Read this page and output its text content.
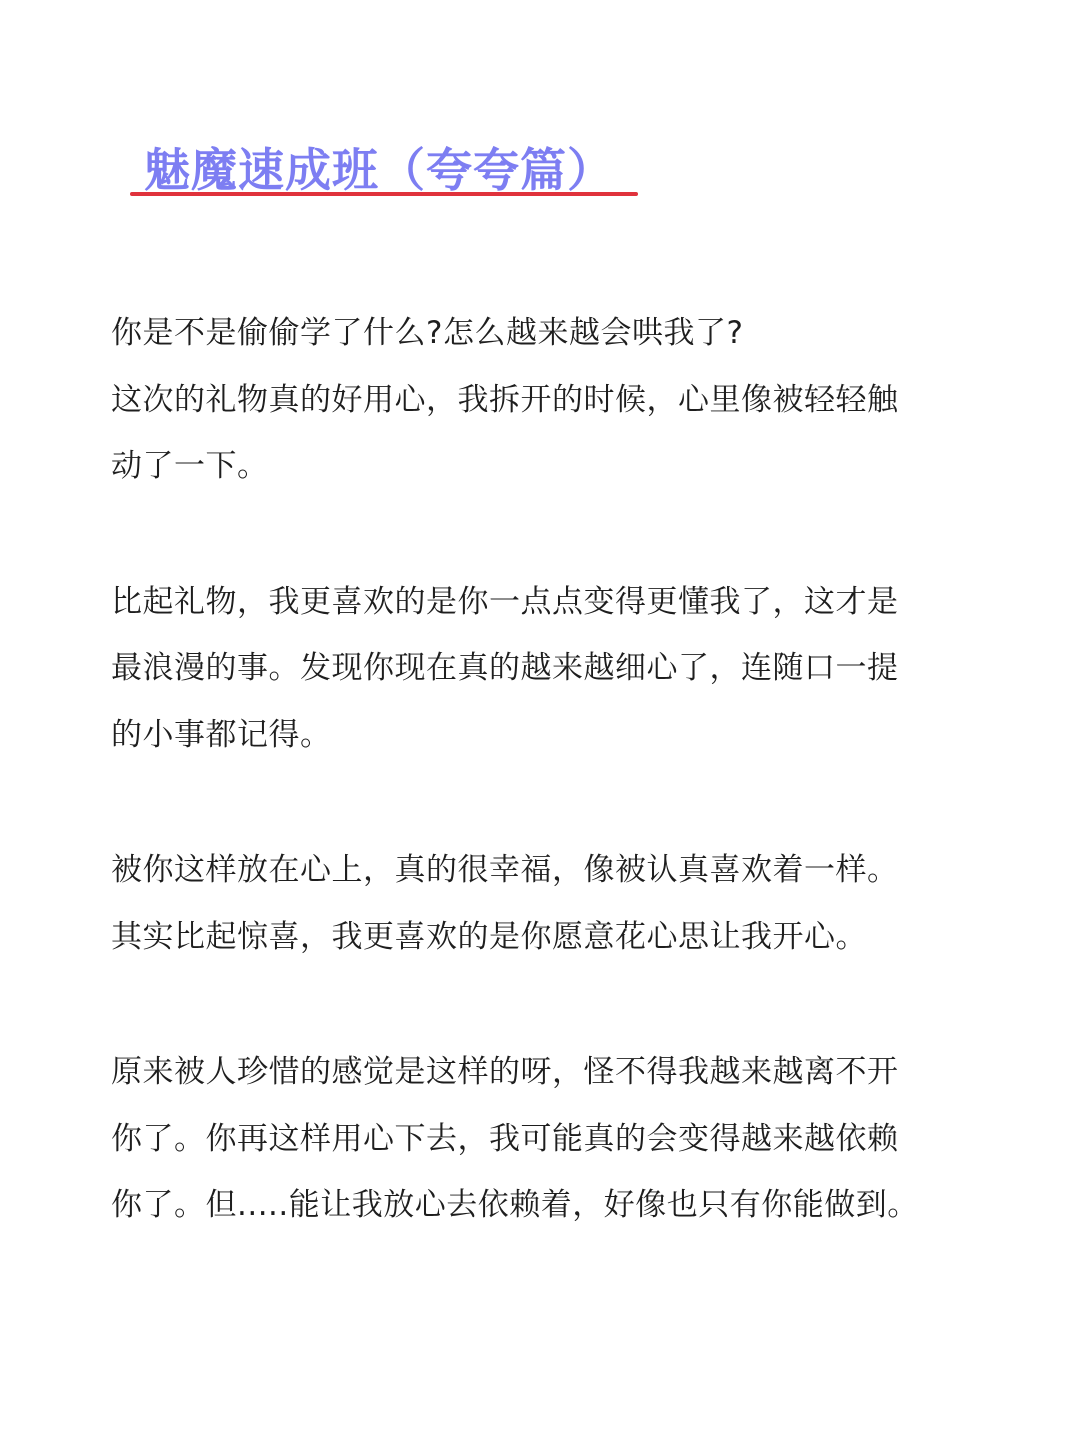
魅魔速成班（夸夸篇）
你是不是偷偷学了什么?怎么越来越会哄我了?
这次的礼物真的好用心，我拆开的时候，心里像被轻轻触
动了一下。
比起礼物，我更喜欢的是你一点点变得更懂我了，这才是
最浪漫的事。发现你现在真的越来越细心了，连随口一提
的小事都记得。
被你这样放在心上，真的很幸福，像被认真喜欢着一样。
其实比起惊喜，我更喜欢的是你愿意花心思让我开心。
原来被人珍惜的感觉是这样的呀，怪不得我越来越离不开
你了。你再这样用心下去，我可能真的会变得越来越依赖
你了。但.....能让我放心去依赖着，好像也只有你能做到。
